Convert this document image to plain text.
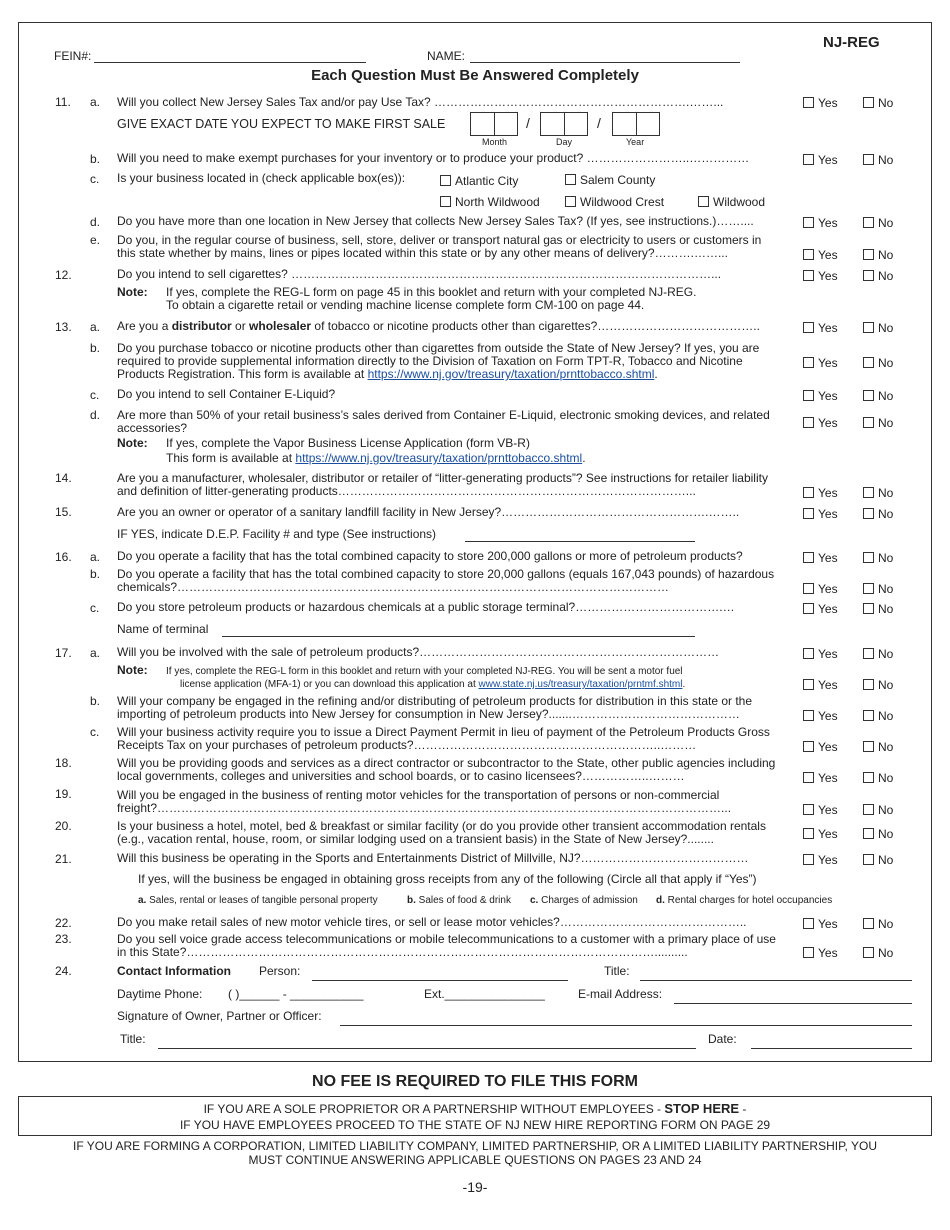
FEIN#:	NAME:
NJ-REG
Each Question Must Be Answered Completely
11. a. Will you collect New Jersey Sales Tax and/or pay Use Tax? ……………………………………………………….……...	Yes	No
GIVE EXACT DATE YOU EXPECT TO MAKE FIRST SALE	/	/
Month	Day	Year
b. Will you need to make exempt purchases for your inventory or to produce your product? ……………………..……………	Yes	No
c. Is your business located in (check applicable box(es)):	Atlantic City	Salem County
North Wildwood	Wildwood Crest	Wildwood
d. Do you have more than one location in New Jersey that collects New Jersey Sales Tax? (If yes, see instructions.)……....	Yes	No
e. Do you, in the regular course of business, sell, store, deliver or transport natural gas or electricity to users or customers in this state whether by mains, lines or pipes located within this state or by any other means of delivery?……….……...	Yes	No
12.	Do you intend to sell cigarettes? ……………………………………………………………………………………………...	Yes	No
Note: If yes, complete the REG-L form on page 45 in this booklet and return with your completed NJ-REG.
To obtain a cigarette retail or vending machine license complete form CM-100 on page 44.
13. a. Are you a distributor or wholesaler of tobacco or nicotine products other than cigarettes?…………………………………..	Yes	No
b. Do you purchase tobacco or nicotine products other than cigarettes from outside the State of New Jersey? If yes, you are required to provide supplemental information directly to the Division of Taxation on Form TPT-R, Tobacco and Nicotine Products Registration. This form is available at https://www.nj.gov/treasury/taxation/prnttobacco.shtml.
Yes	No
c. Do you intend to sell Container E-Liquid?	Yes	No
d. Are more than 50% of your retail business’s sales derived from Container E-Liquid, electronic smoking devices, and related accessories?	Yes	No
Note: If yes, complete the Vapor Business License Application (form VB-R)
This form is available at https://www.nj.gov/treasury/taxation/prnttobacco.shtml.
14.	Are you a manufacturer, wholesaler, distributor or retailer of “litter-generating products”? See instructions for retailer liability and definition of litter-generating products……………………………………………………………………………...	Yes	No
15.	Are you an owner or operator of a sanitary landfill facility in New Jersey?…………………………………………….……..	Yes	No
IF YES, indicate D.E.P. Facility # and type (See instructions)
16. a. Do you operate a facility that has the total combined capacity to store 200,000 gallons or more of petroleum products?	Yes	No
b. Do you operate a facility that has the total combined capacity to store 20,000 gallons (equals 167,043 pounds) of hazardous chemicals?……………………………………………………………………………………………………………	Yes	No
c. Do you store petroleum products or hazardous chemicals at a public storage terminal?……………………………….…	Yes	No
Name of terminal
17. a. Will you be involved with the sale of petroleum products?…………………………………………………………………	Yes	No
Note: If yes, complete the REG-L form in this booklet and return with your completed NJ-REG. You will be sent a motor fuel
license application (MFA-1) or you can download this application at www.state.nj.us/treasury/taxation/prntmf.shtml.	Yes	No
b. Will your company be engaged in the refining and/or distributing of petroleum products for distribution in this state or the importing of petroleum products into New Jersey for consumption in New Jersey?.......……………………………………	Yes	No
c. Will your business activity require you to issue a Direct Payment Permit in lieu of payment of the Petroleum Products Gross Receipts Tax on your purchases of petroleum products?……………………………………………………..………	Yes	No
18.	Will you be providing goods and services as a direct contractor or subcontractor to the State, other public agencies including local governments, colleges and universities and school boards, or to casino licensees?……………..………	Yes	No
19.	Will you be engaged in the business of renting motor vehicles for the transportation of persons or non-commercial freight?……………………………………………………………………………………………………………………………...	Yes	No
20.	Is your business a hotel, motel, bed & breakfast or similar facility (or do you provide other transient accommodation rentals (e.g., vacation rental, house, room, or similar lodging used on a transient basis) in the State of New Jersey?........	Yes	No
21.	Will this business be operating in the Sports and Entertainments District of Millville, NJ?……………………………………	Yes	No
If yes, will the business be engaged in obtaining gross receipts from any of the following (Circle all that apply if “Yes”)
a. Sales, rental or leases of tangible personal property	b. Sales of food & drink c. Charges of admission d. Rental charges for hotel occupancies
22.	Do you make retail sales of new motor vehicle tires, or sell or lease motor vehicles?………………………………………..	Yes	No
23.	Do you sell voice grade access telecommunications or mobile telecommunications to a customer with a primary place of use in this State?………………………………………………………………………………………………………..........	Yes	No
24.	Contact Information Person:	Title:
Daytime Phone: ( )______ - ___________	Ext._______________	E-mail Address:
Signature of Owner, Partner or Officer:
Title:	Date:
NO FEE IS REQUIRED TO FILE THIS FORM
IF YOU ARE A SOLE PROPRIETOR OR A PARTNERSHIP WITHOUT EMPLOYEES - STOP HERE -
IF YOU HAVE EMPLOYEES PROCEED TO THE STATE OF NJ NEW HIRE REPORTING FORM ON PAGE 29
IF YOU ARE FORMING A CORPORATION, LIMITED LIABILITY COMPANY, LIMITED PARTNERSHIP, OR A LIMITED LIABILITY PARTNERSHIP, YOU
MUST CONTINUE ANSWERING APPLICABLE QUESTIONS ON PAGES 23 AND 24
-19-
